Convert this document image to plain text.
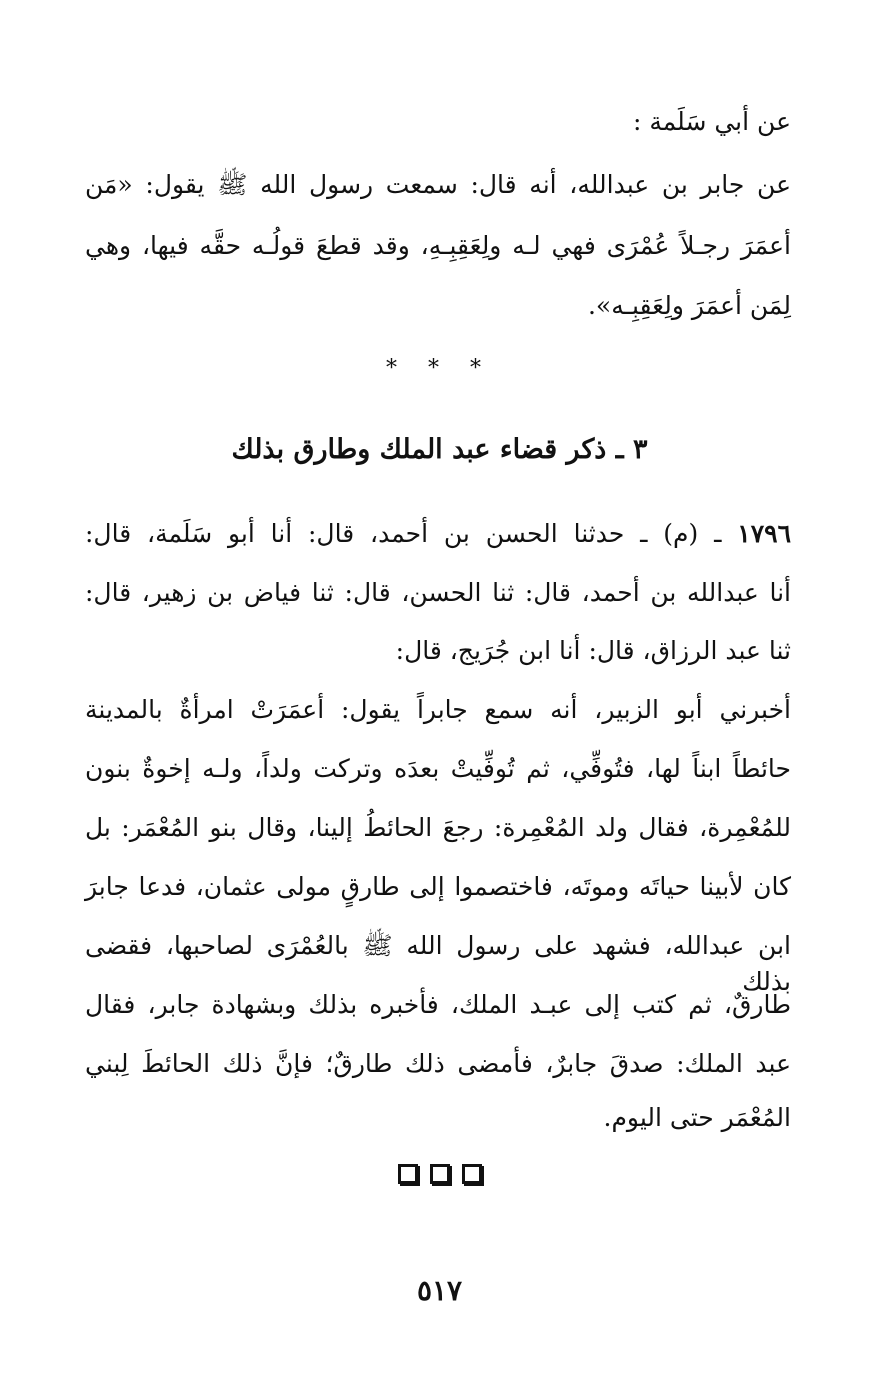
عن أبي سَلَمة :
عن جابر بن عبدالله، أنه قال: سمعت رسول الله ﷺ يقول: «مَن
أعمَرَ رجـلاً عُمْرَى فهي لـه ولِعَقِبِـهِ، وقد قطعَ قولُـه حقَّه فيها، وهي
لِمَن أعمَرَ ولِعَقِبِـه».
* * *
٣ ـ ذكر قضاء عبد الملك وطارق بذلك
١٧٩٦ ـ (م) ـ حدثنا الحسن بن أحمد، قال: أنا أبو سَلَمة، قال:
أنا عبدالله بن أحمد، قال: ثنا الحسن، قال: ثنا فياض بن زهير، قال:
ثنا عبد الرزاق، قال: أنا ابن جُرَيج، قال:
أخبرني أبو الزبير، أنه سمع جابراً يقول: أعمَرَتْ امرأةٌ بالمدينة
حائطاً ابناً لها، فتُوفِّي، ثم تُوفِّيتْ بعدَه وتركت ولداً، ولـه إخوةٌ بنون
للمُعْمِرة، فقال ولد المُعْمِرة: رجعَ الحائطُ إلينا، وقال بنو المُعْمَر: بل
كان لأبينا حياتَه وموتَه، فاختصموا إلى طارقٍ مولى عثمان، فدعا جابرَ
ابن عبدالله، فشهد على رسول الله ﷺ بالعُمْرَى لصاحبها، فقضى بذلك
طارقٌ، ثم كتب إلى عبـد الملك، فأخبره بذلك وبشهادة جابر، فقال
عبد الملك: صدقَ جابرٌ، فأمضى ذلك طارقٌ؛ فإنَّ ذلك الحائطَ لِبني
المُعْمَر حتى اليوم.
٥١٧
